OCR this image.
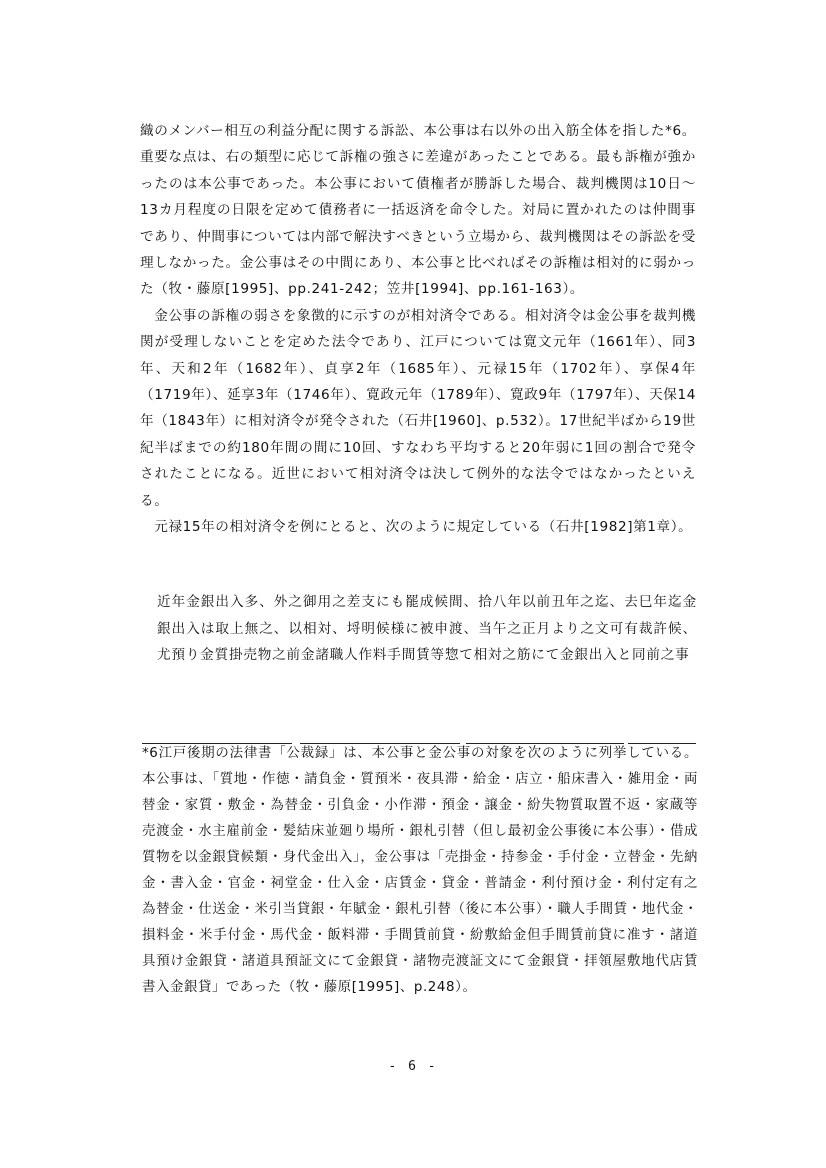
織のメンバー相互の利益分配に関する訴訟、本公事は右以外の出入筋全体を指した*6。重要な点は、右の類型に応じて訴権の強さに差違があったことである。最も訴権が強かったのは本公事であった。本公事において債権者が勝訴した場合、裁判機関は10日～13カ月程度の日限を定めて債務者に一括返済を命令した。対局に置かれたのは仲間事であり、仲間事については内部で解決すべきという立場から、裁判機関はその訴訟を受理しなかった。金公事はその中間にあり、本公事と比べればその訴権は相対的に弱かった（牧・藤原[1995]、pp.241-242；笠井[1994]、pp.161-163）。

　金公事の訴権の弱さを象徴的に示すのが相対済令である。相対済令は金公事を裁判機関が受理しないことを定めた法令であり、江戸については寛文元年（1661年）、同3年、天和2年（1682年）、貞享2年（1685年）、元禄15年（1702年）、享保4年（1719年）、延享3年（1746年）、寛政元年（1789年）、寛政9年（1797年）、天保14年（1843年）に相対済令が発令された（石井[1960]、p.532）。17世紀半ばから19世紀半ばまでの約180年間の間に10回、すなわち平均すると20年弱に1回の割合で発令されたことになる。近世において相対済令は決して例外的な法令ではなかったといえる。

　元禄15年の相対済令を例にとると、次のように規定している（石井[1982]第1章）。

近年金銀出入多、外之御用之差支にも罷成候間、拾八年以前丑年之迄、去巳年迄金銀出入は取上無之、以相対、埒明候様に被申渡、当午之正月より之文可有裁許候、尤預り金質掛売物之前金諸職人作料手間賃等惣て相対之筋にて金銀出入と同前之事

*6江戸後期の法律書「公裁録」は、本公事と金公事の対象を次のように列挙している。本公事は、「質地・作徳・請負金・質預米・夜具滞・給金・店立・船床書入・雑用金・両替金・家質・敷金・為替金・引負金・小作滞・預金・譲金・紛失物質取置不返・家蔵等売渡金・水主雇前金・髪結床並廻り場所・銀札引替（但し最初金公事後に本公事）・借成質物を以金銀貸候類・身代金出入」，金公事は「売掛金・持参金・手付金・立替金・先納金・書入金・官金・祠堂金・仕入金・店賃金・貸金・普請金・利付預け金・利付定有之為替金・仕送金・米引当貸銀・年賦金・銀札引替（後に本公事）・職人手間賃・地代金・損料金・米手付金・馬代金・飯料滞・手間賃前貸・紛敷給金但手間賃前貸に准す・諸道具預け金銀貸・諸道具預証文にて金銀貸・諸物売渡証文にて金銀貸・拝領屋敷地代店賃書入金銀貸」であった（牧・藤原[1995]、p.248）。

- 6 -
